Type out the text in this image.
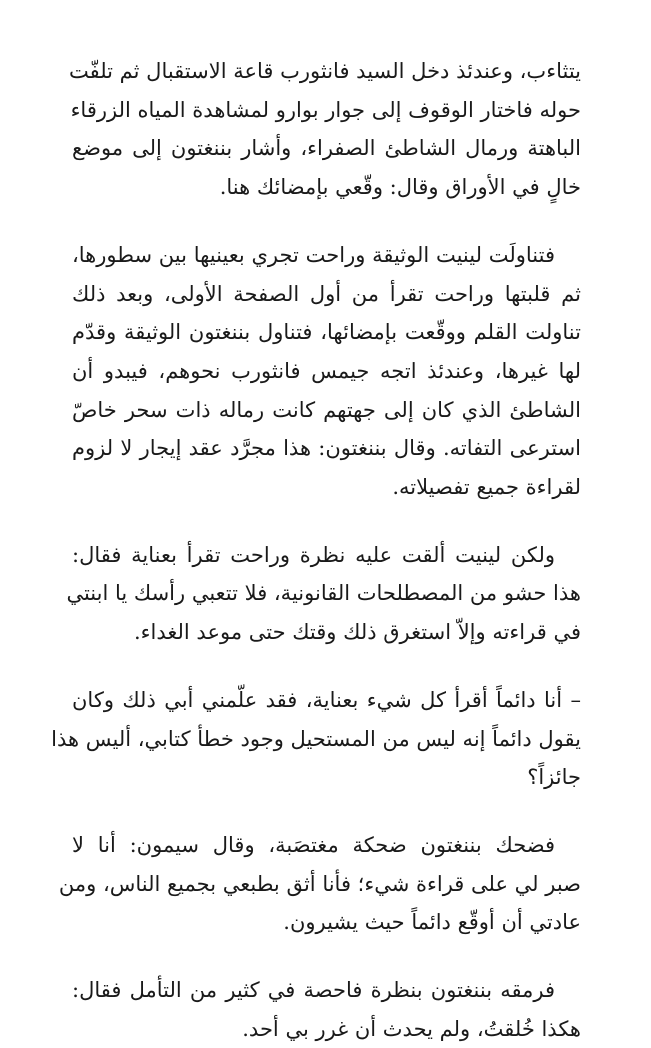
يتثاءب، وعندئذ دخل السيد فانثورب قاعة الاستقبال ثم تلفّت
حوله فاختار الوقوف إلى جوار بوارو لمشاهدة المياه الزرقاء
الباهتة ورمال الشاطئ الصفراء، وأشار بننغتون إلى موضع
خالٍ في الأوراق وقال: وقّعي بإمضائك هنا.

فتناولَت لينيت الوثيقة وراحت تجري بعينيها بين سطورها،
ثم قلبتها وراحت تقرأ من أول الصفحة الأولى، وبعد ذلك
تناولت القلم ووقّعت بإمضائها، فتناول بننغتون الوثيقة وقدّم
لها غيرها، وعندئذ اتجه جيمس فانثورب نحوهم، فيبدو أن
الشاطئ الذي كان إلى جهتهم كانت رماله ذات سحر خاصّ
استرعى التفاته. وقال بننغتون: هذا مجرَّد عقد إيجار لا لزوم
لقراءة جميع تفصيلاته.

ولكن لينيت ألقت عليه نظرة وراحت تقرأ بعناية فقال:
هذا حشو من المصطلحات القانونية، فلا تتعبي رأسك يا ابنتي
في قراءته وإلاّ استغرق ذلك وقتك حتى موعد الغداء.

– أنا دائماً أقرأ كل شيء بعناية، فقد علّمني أبي ذلك وكان
يقول دائماً إنه ليس من المستحيل وجود خطأ كتابي، أليس هذا
جائزاً؟

فضحك بننغتون ضحكة مغتصَبة، وقال سيمون: أنا لا
صبر لي على قراءة شيء؛ فأنا أثق بطبعي بجميع الناس، ومن
عادتي أن أوقّع دائماً حيث يشيرون.

فرمقه بننغتون بنظرة فاحصة في كثير من التأمل فقال:
هكذا خُلقتُ، ولم يحدث أن غرر بي أحد.
